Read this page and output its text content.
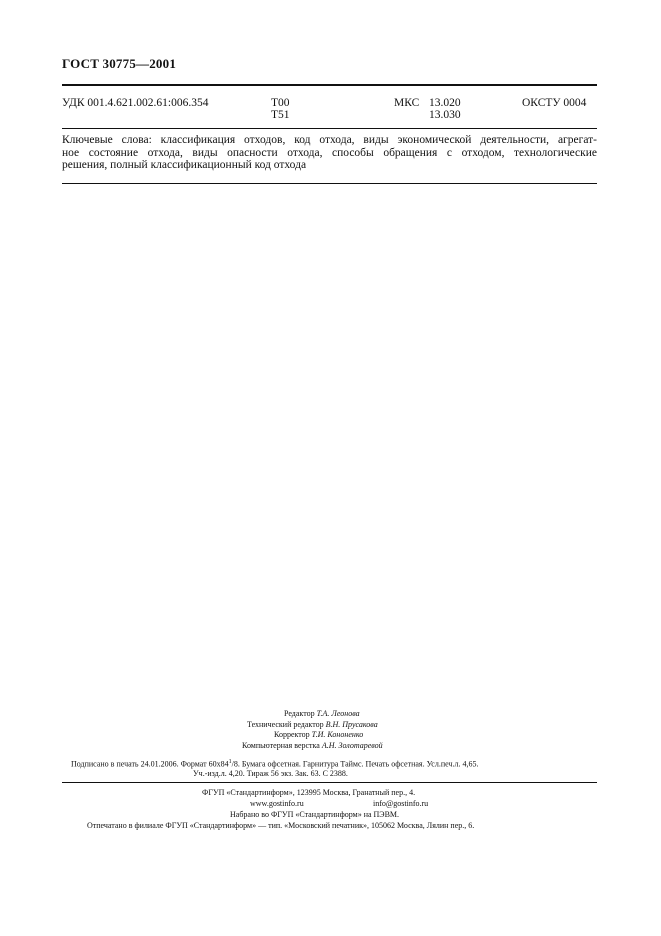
ГОСТ 30775—2001
УДК 001.4.621.002.61:006.354	Т00
Т51
МКС 13.020
13.030
ОКСТУ 0004
Ключевые слова: классификация отходов, код отхода, виды экономической деятельности, агрегат-
ное состояние отхода, виды опасности отхода, способы обращения с отходом, технологические
решения, полный классификационный код отхода
Редактор Т.А. Леонова
Технический редактор В.Н. Прусакова
Корректор Т.И. Кононенко
Компьютерная верстка А.Н. Золотаревой
Подписано в печать 24.01.2006. Формат $60x84^1/8$. Бумага офсетная. Гарнитура Таймс. Печать офсетная. Усл.печ.л. 4,65.
Уч.-изд.л. 4,20. Тираж 56 экз. Зак. 63. С 2388.
ФГУП «Стандартинформ», 123995 Москва, Гранатный пер., 4.
www.gostinfo.ru	info@gostinfo.ru
Набрано во ФГУП «Стандартинформ» на ПЭВМ.
Отпечатано в филиале ФГУП «Стандартинформ» — тип. «Московский печатник», 105062 Москва, Лялин пер., 6.
